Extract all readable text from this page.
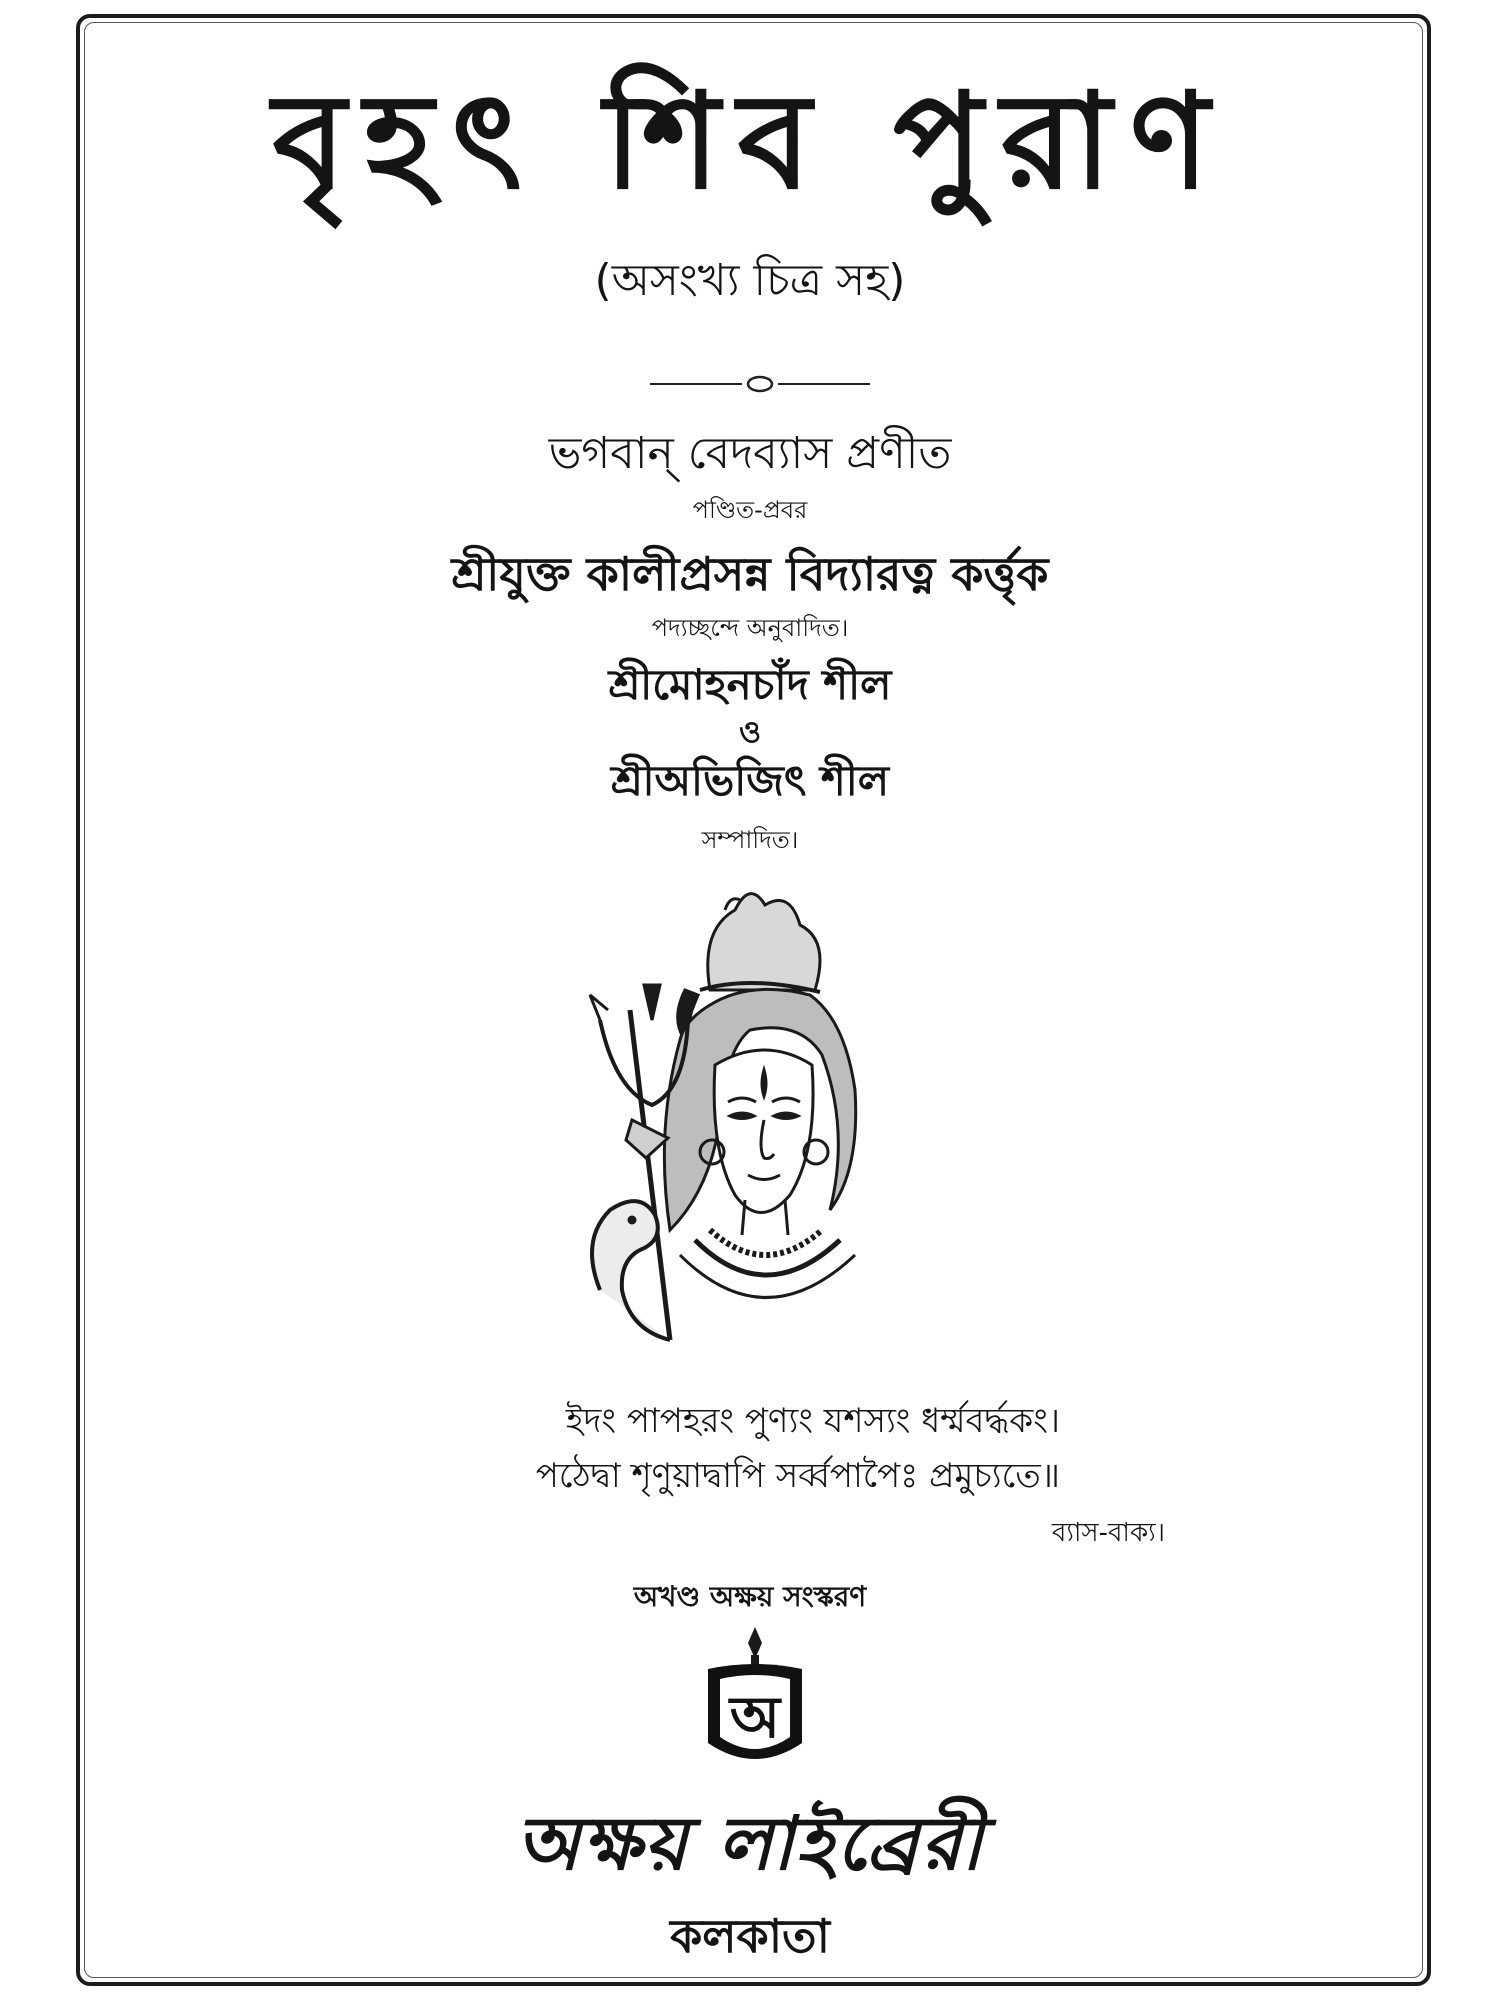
বৃহৎ শিব পুরাণ
(অসংখ্য চিত্র সহ)
ভগবান্ বেদব্যাস প্রণীত
পণ্ডিত-প্রবর
শ্রীযুক্ত কালীপ্রসন্ন বিদ্যারত্ন কর্ত্তৃক
পদ্যচ্ছন্দে অনুবাদিত।
শ্রীমোহনচাঁদ শীল
ও
শ্রীঅভিজিৎ শীল
সম্পাদিত।
ইদং পাপহরং পুণ্যং যশস্যং ধর্ম্মবর্দ্ধকং।
পঠেদ্বা শৃণুয়াদ্বাপি সর্ব্বপাপৈঃ প্রমুচ্যতে॥
ব্যাস-বাক্য।
অখণ্ড অক্ষয় সংস্করণ
অ
অক্ষয় লাইব্রেরী
কলকাতা
